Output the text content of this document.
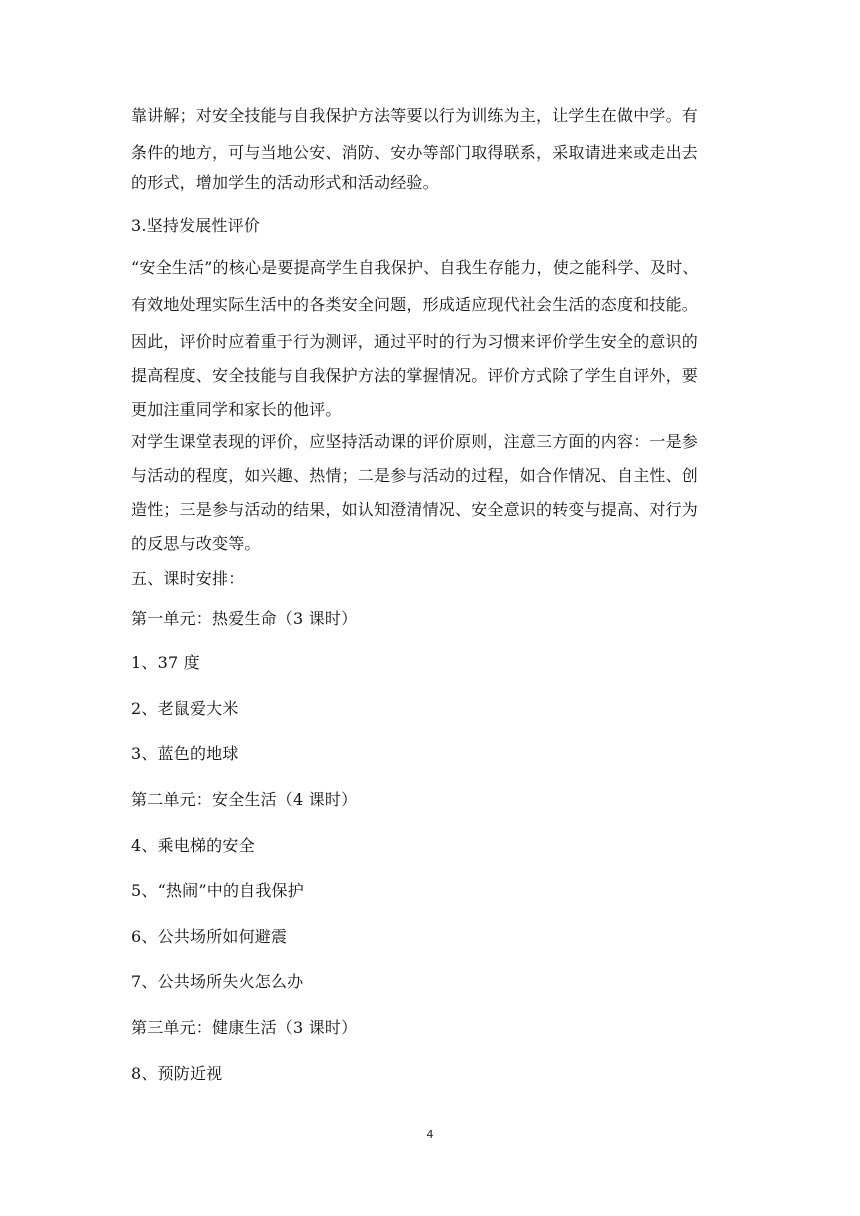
靠讲解；对安全技能与自我保护方法等要以行为训练为主，让学生在做中学。有
条件的地方，可与当地公安、消防、安办等部门取得联系，采取请进来或走出去
的形式，增加学生的活动形式和活动经验。
3.坚持发展性评价
“安全生活”的核心是要提高学生自我保护、自我生存能力，使之能科学、及时、
有效地处理实际生活中的各类安全问题，形成适应现代社会生活的态度和技能。
因此，评价时应着重于行为测评，通过平时的行为习惯来评价学生安全的意识的
提高程度、安全技能与自我保护方法的掌握情况。评价方式除了学生自评外，要
更加注重同学和家长的他评。
对学生课堂表现的评价，应坚持活动课的评价原则，注意三方面的内容：一是参
与活动的程度，如兴趣、热情；二是参与活动的过程，如合作情况、自主性、创
造性；三是参与活动的结果，如认知澄清情况、安全意识的转变与提高、对行为
的反思与改变等。
五、课时安排：
第一单元：热爱生命（3 课时）
1、37 度
2、老鼠爱大米
3、蓝色的地球
第二单元：安全生活（4 课时）
4、乘电梯的安全
5、“热闹”中的自我保护
6、公共场所如何避震
7、公共场所失火怎么办
第三单元：健康生活（3 课时）
8、预防近视
4
